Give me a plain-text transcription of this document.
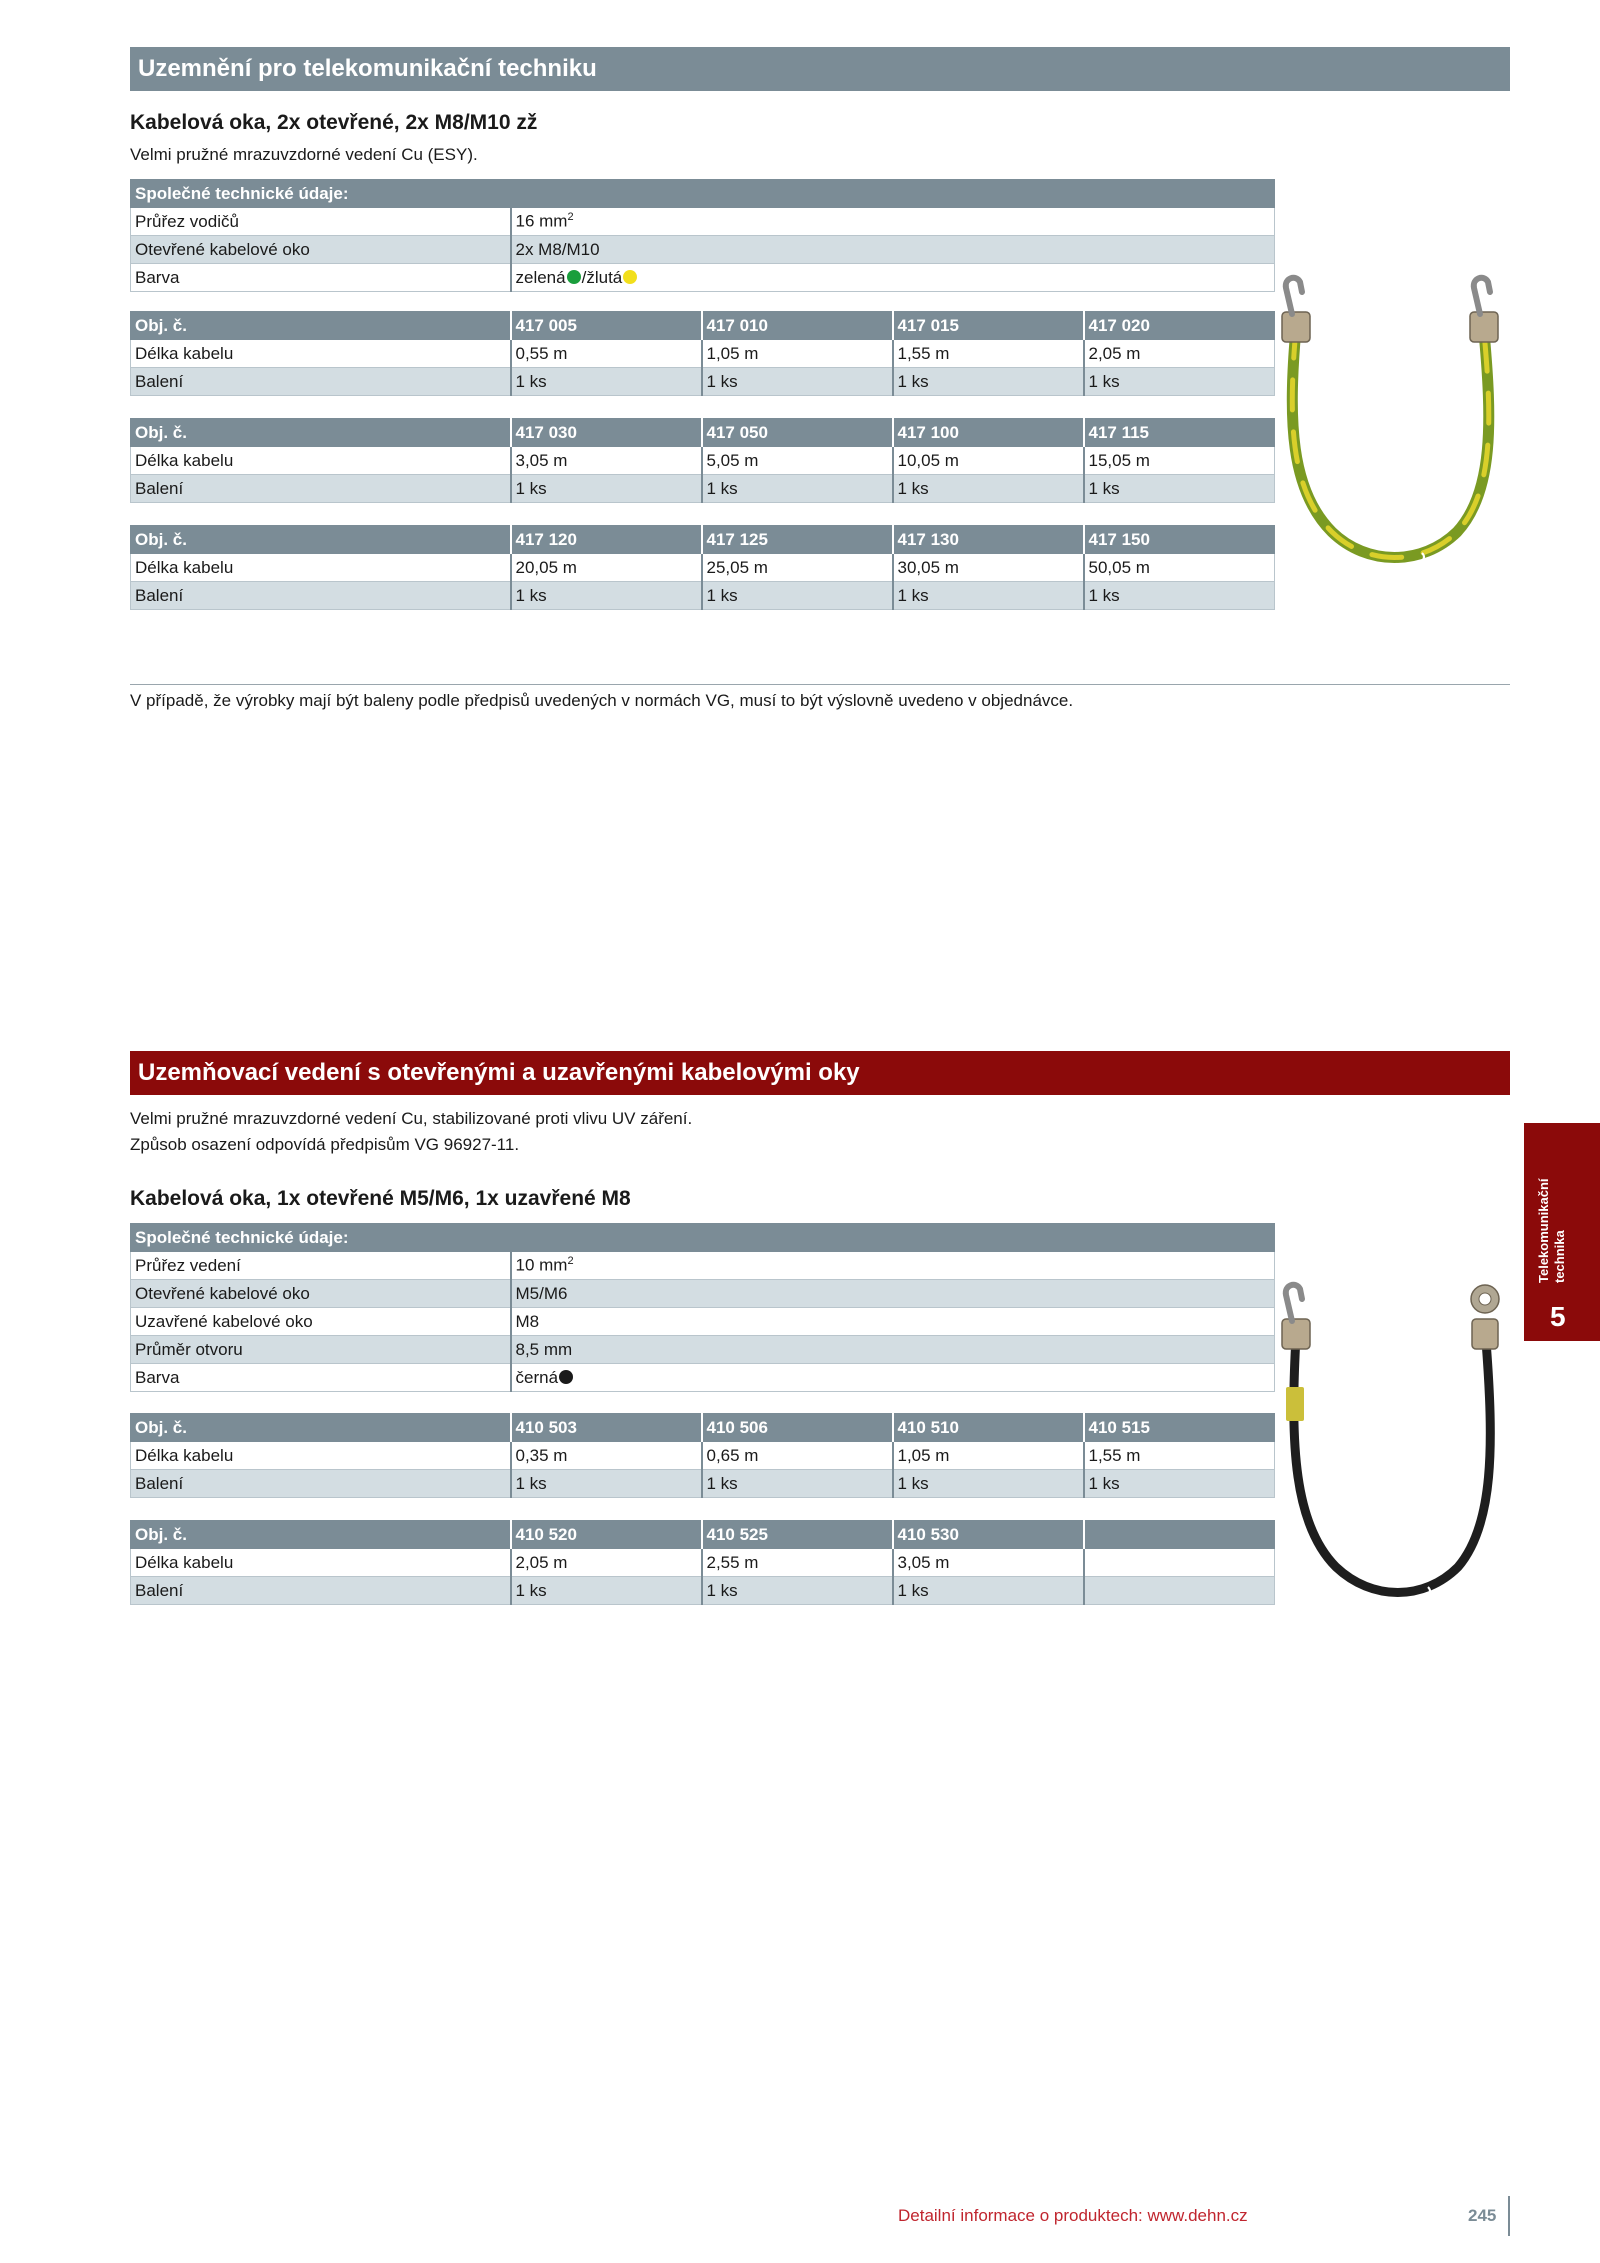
Uzemnění pro telekomunikační techniku
Kabelová oka, 2x otevřené, 2x M8/M10 zž
Velmi pružné mrazuvzdorné vedení Cu (ESY).
Společné technické údaje:	
Průřez vodičů	16 $mm^2$
Otevřené kabelové oko	2x M8/M10
Barva	zelená /žlutá
Obj. č.	417 005	417 010	417 015	417 020
Délka kabelu	0,55 m	1,05 m	1,55 m	2,05 m
Balení	1 ks	1 ks	1 ks	1 ks
Obj. č.	417 030	417 050	417 100	417 115
Délka kabelu	3,05 m	5,05 m	10,05 m	15,05 m
Balení	1 ks	1 ks	1 ks	1 ks
Obj. č.	417 120	417 125	417 130	417 150
Délka kabelu	20,05 m	25,05 m	30,05 m	50,05 m
Balení	1 ks	1 ks	1 ks	1 ks
V případě, že výrobky mají být baleny podle předpisů uvedených v normách VG, musí to být výslovně uvedeno v objednávce.
Uzemňovací vedení s otevřenými a uzavřenými kabelovými oky
Velmi pružné mrazuvzdorné vedení Cu, stabilizované proti vlivu UV záření.
Způsob osazení odpovídá předpisům VG 96927-11.
Kabelová oka, 1x otevřené M5/M6, 1x uzavřené M8
Společné technické údaje:	
Průřez vedení	10 $mm^2$
Otevřené kabelové oko	M5/M6
Uzavřené kabelové oko	M8
Průměr otvoru	8,5 mm
Barva	černá
Obj. č.	410 503	410 506	410 510	410 515
Délka kabelu	0,35 m	0,65 m	1,05 m	1,55 m
Balení	1 ks	1 ks	1 ks	1 ks
Obj. č.	410 520	410 525	410 530	
Délka kabelu	2,05 m	2,55 m	3,05 m	
Balení	1 ks	1 ks	1 ks	
Telekomunikační technika
5
Detailní informace o produktech: www.dehn.cz	245
